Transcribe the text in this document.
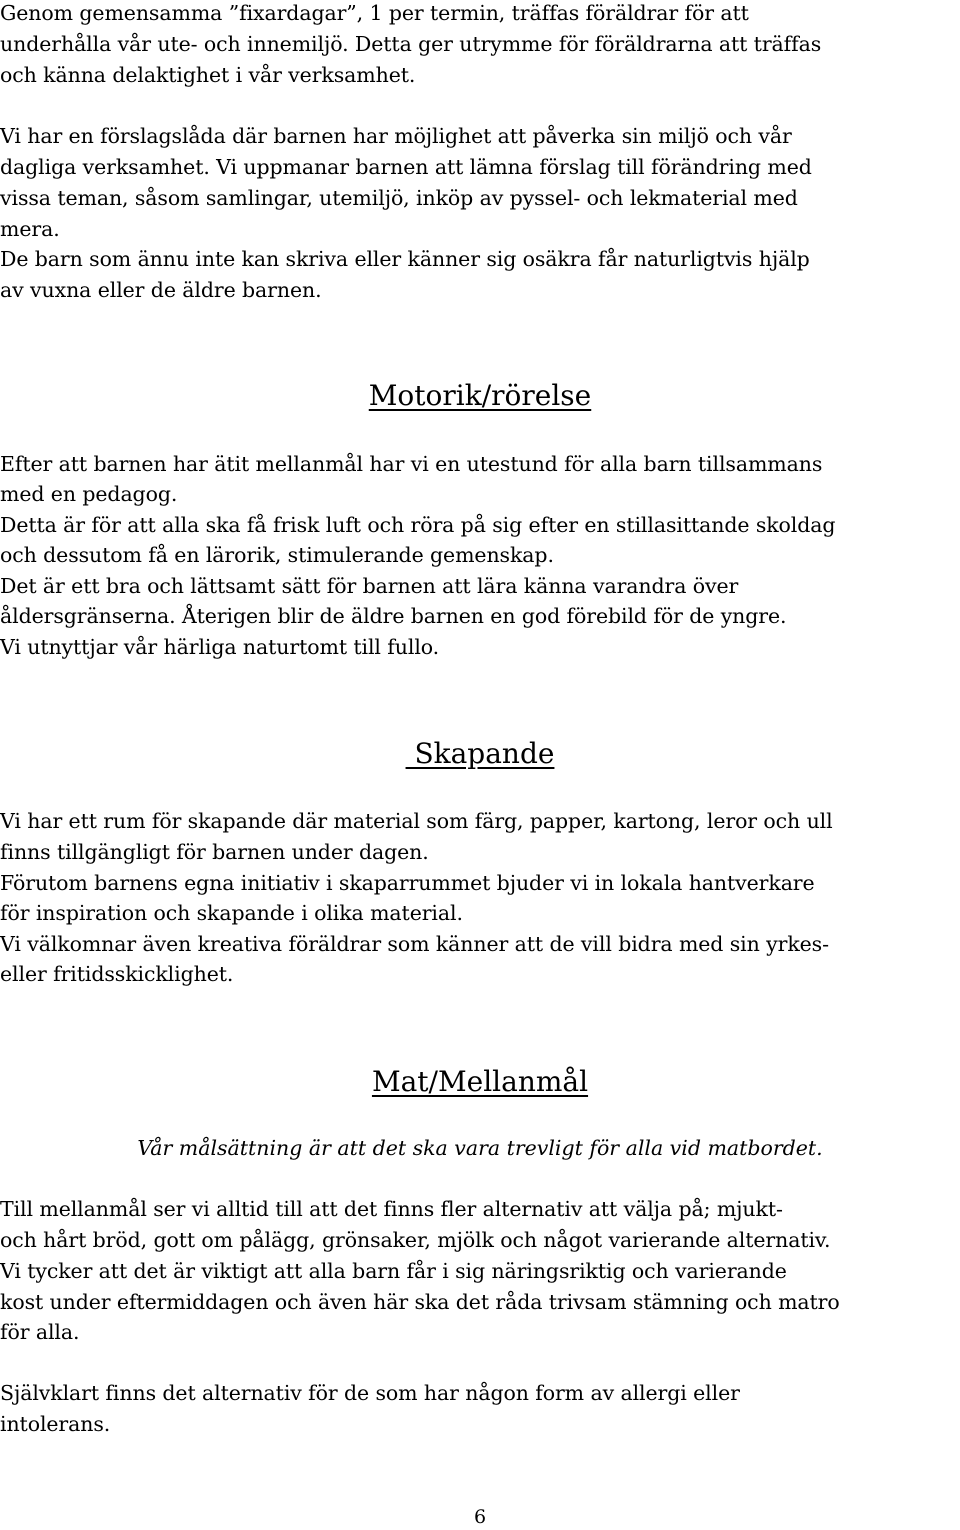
Genom gemensamma ”fixardagar”, 1 per termin, träffas föräldrar för att

underhålla vår ute- och innemiljö. Detta ger utrymme för föräldrarna att träffas

och känna delaktighet i vår verksamhet.

Vi har en förslagslåda där barnen har möjlighet att påverka sin miljö och vår

dagliga verksamhet. Vi uppmanar barnen att lämna förslag till förändring med

vissa teman, såsom samlingar, utemiljö, inköp av pyssel- och lekmaterial med

mera.

De barn som ännu inte kan skriva eller känner sig osäkra får naturligtvis hjälp

av vuxna eller de äldre barnen.

Motorik/rörelse

Efter att barnen har ätit mellanmål har vi en utestund för alla barn tillsammans

med en pedagog.

Detta är för att alla ska få frisk luft och röra på sig efter en stillasittande skoldag

och dessutom få en lärorik, stimulerande gemenskap.

Det är ett bra och lättsamt sätt för barnen att lära känna varandra över

åldersgränserna. Återigen blir de äldre barnen en god förebild för de yngre.

Vi utnyttjar vår härliga naturtomt till fullo.

Skapande

Vi har ett rum för skapande där material som färg, papper, kartong, leror och ull

finns tillgängligt för barnen under dagen.

Förutom barnens egna initiativ i skaparrummet bjuder vi in lokala hantverkare

för inspiration och skapande i olika material.

Vi välkomnar även kreativa föräldrar som känner att de vill bidra med sin yrkes-

eller fritidsskicklighet.

Mat/Mellanmål

Vår målsättning är att det ska vara trevligt för alla vid matbordet.

Till mellanmål ser vi alltid till att det finns fler alternativ att välja på; mjukt-

och hårt bröd, gott om pålägg, grönsaker, mjölk och något varierande alternativ.

Vi tycker att det är viktigt att alla barn får i sig näringsriktig och varierande

kost under eftermiddagen och även här ska det råda trivsam stämning och matro

för alla.

Självklart finns det alternativ för de som har någon form av allergi eller

intolerans.

6
